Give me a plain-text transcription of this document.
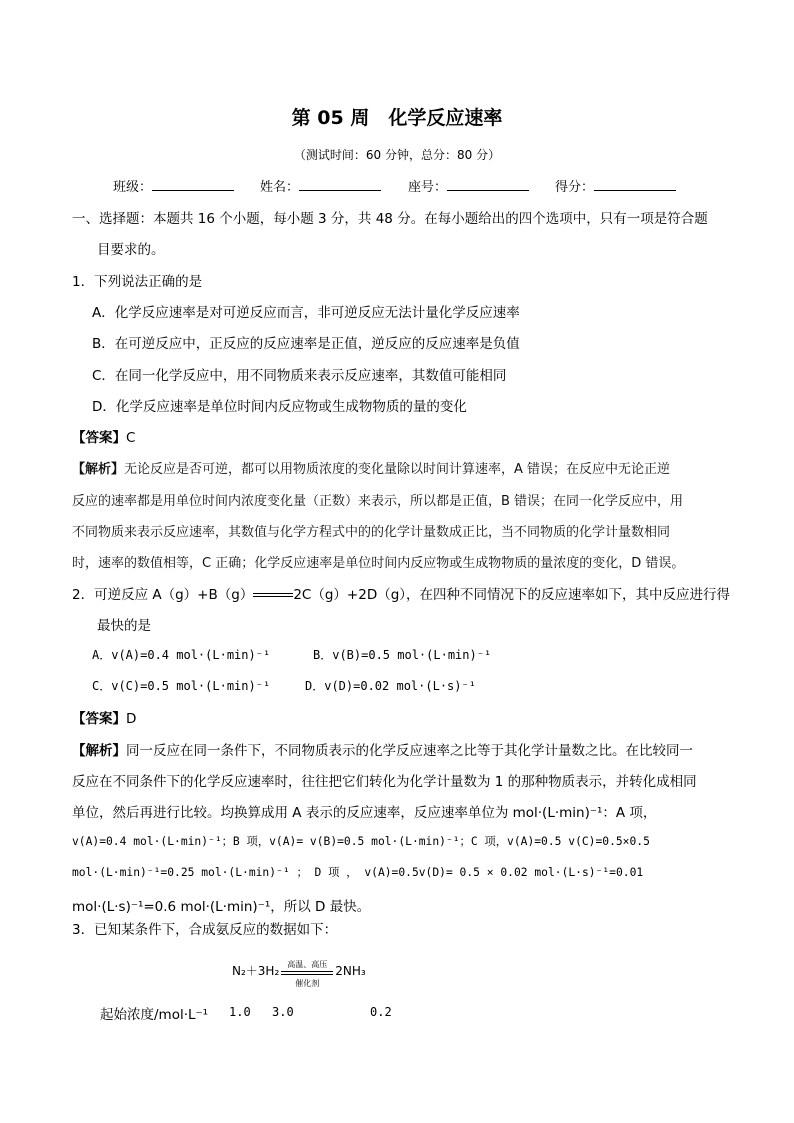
第 05 周　化学反应速率
（测试时间：60 分钟，总分：80 分）
班级：	姓名：	座号：	得分：
一、选择题：本题共 16 个小题，每小题 3 分，共 48 分。在每小题给出的四个选项中，只有一项是符合题
目要求的。
1．下列说法正确的是
A．化学反应速率是对可逆反应而言，非可逆反应无法计量化学反应速率
B．在可逆反应中，正反应的反应速率是正值，逆反应的反应速率是负值
C．在同一化学反应中，用不同物质来表示反应速率，其数值可能相同
D．化学反应速率是单位时间内反应物或生成物物质的量的变化
【答案】C
【解析】无论反应是否可逆，都可以用物质浓度的变化量除以时间计算速率，A 错误；在反应中无论正逆
反应的速率都是用单位时间内浓度变化量（正数）来表示，所以都是正值，B 错误；在同一化学反应中，用
不同物质来表示反应速率，其数值与化学方程式中的的化学计量数成正比，当不同物质的化学计量数相同
时，速率的数值相等，C 正确；化学反应速率是单位时间内反应物或生成物物质的量浓度的变化，D 错误。
2．可逆反应 A（g）+B（g）	2C（g）+2D（g），在四种不同情况下的反应速率如下，其中反应进行得
最快的是
A．v(A)=0.4 mol·(L·min)⁻¹	B．v(B)=0.5 mol·(L·min)⁻¹
C．v(C)=0.5 mol·(L·min)⁻¹	D．v(D)=0.02 mol·(L·s)⁻¹
【答案】D
【解析】同一反应在同一条件下，不同物质表示的化学反应速率之比等于其化学计量数之比。在比较同一
反应在不同条件下的化学反应速率时，往往把它们转化为化学计量数为 1 的那种物质表示，并转化成相同
单位，然后再进行比较。均换算成用 A 表示的反应速率，反应速率单位为 mol·(L·min)⁻¹：A 项，
v(A)=0.4 mol·(L·min)⁻¹；B 项，v(A)= v(B)=0.5 mol·(L·min)⁻¹；C 项，v(A)=0.5 v(C)=0.5×0.5
mol·(L·min)⁻¹=0.25 mol·(L·min)⁻¹ ； D 项 ， v(A)=0.5v(D)= 0.5 × 0.02 mol·(L·s)⁻¹=0.01
mol·(L·s)⁻¹=0.6 mol·(L·min)⁻¹，所以 D 最快。
3．已知某条件下，合成氨反应的数据如下：
N₂＋3H₂	高温、高压
催化剂
2NH₃
起始浓度/mol·L⁻¹ 1.0 3.0	0.2
